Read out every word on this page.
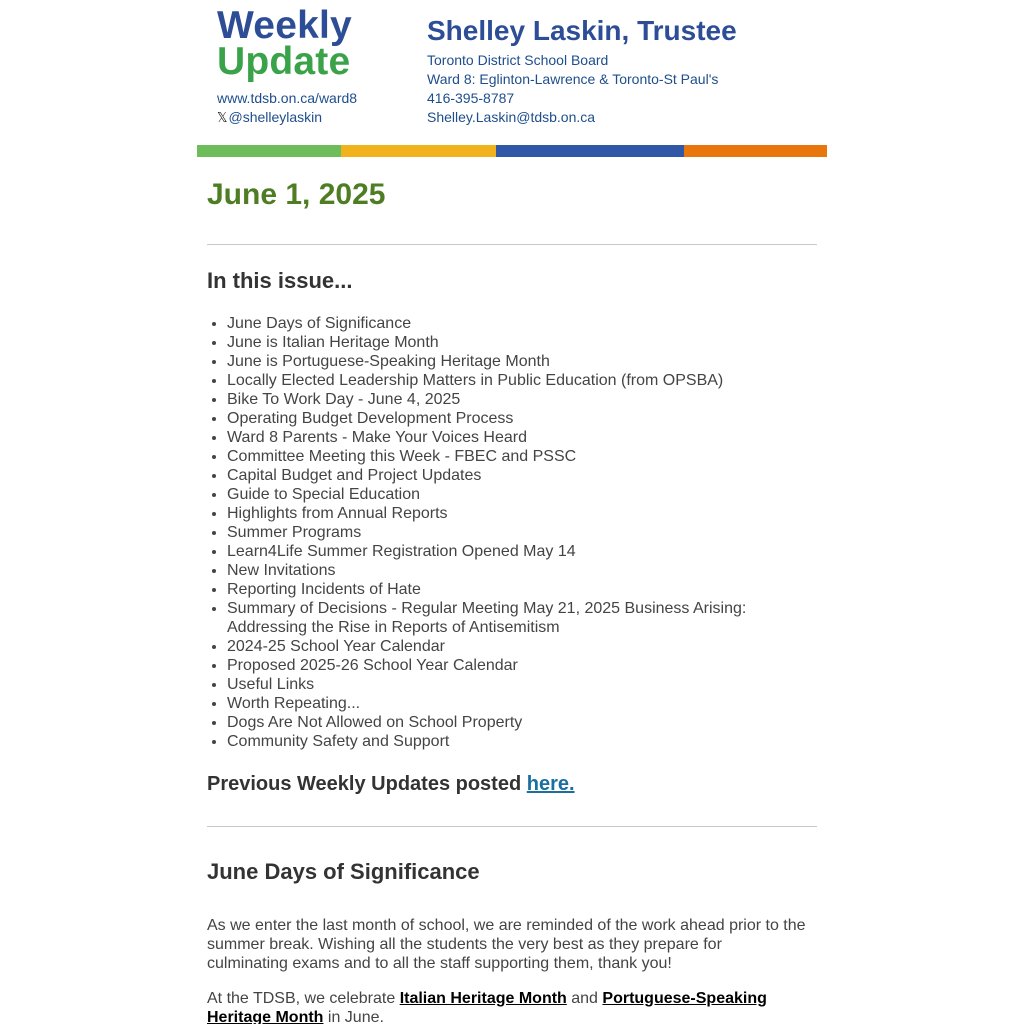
Weekly
Update
www.tdsb.on.ca/ward8
𝕏@shelleylaskin
Shelley Laskin, Trustee
Toronto District School Board
Ward 8: Eglinton-Lawrence & Toronto-St Paul's
416-395-8787
Shelley.Laskin@tdsb.on.ca
June 1, 2025
In this issue...
• June Days of Significance
• June is Italian Heritage Month
• June is Portuguese-Speaking Heritage Month
• Locally Elected Leadership Matters in Public Education (from OPSBA)
• Bike To Work Day - June 4, 2025
• Operating Budget Development Process
• Ward 8 Parents - Make Your Voices Heard
• Committee Meeting this Week - FBEC and PSSC
• Capital Budget and Project Updates
• Guide to Special Education
• Highlights from Annual Reports
• Summer Programs
• Learn4Life Summer Registration Opened May 14
• New Invitations
• Reporting Incidents of Hate
• Summary of Decisions - Regular Meeting May 21, 2025 Business Arising: Addressing the Rise in Reports of Antisemitism
• 2024-25 School Year Calendar
• Proposed 2025-26 School Year Calendar
• Useful Links
• Worth Repeating...
• Dogs Are Not Allowed on School Property
• Community Safety and Support
Previous Weekly Updates posted here.
June Days of Significance
As we enter the last month of school, we are reminded of the work ahead prior to the summer break. Wishing all the students the very best as they prepare for culminating exams and to all the staff supporting them, thank you!
At the TDSB, we celebrate Italian Heritage Month and Portuguese-Speaking Heritage Month in June.
